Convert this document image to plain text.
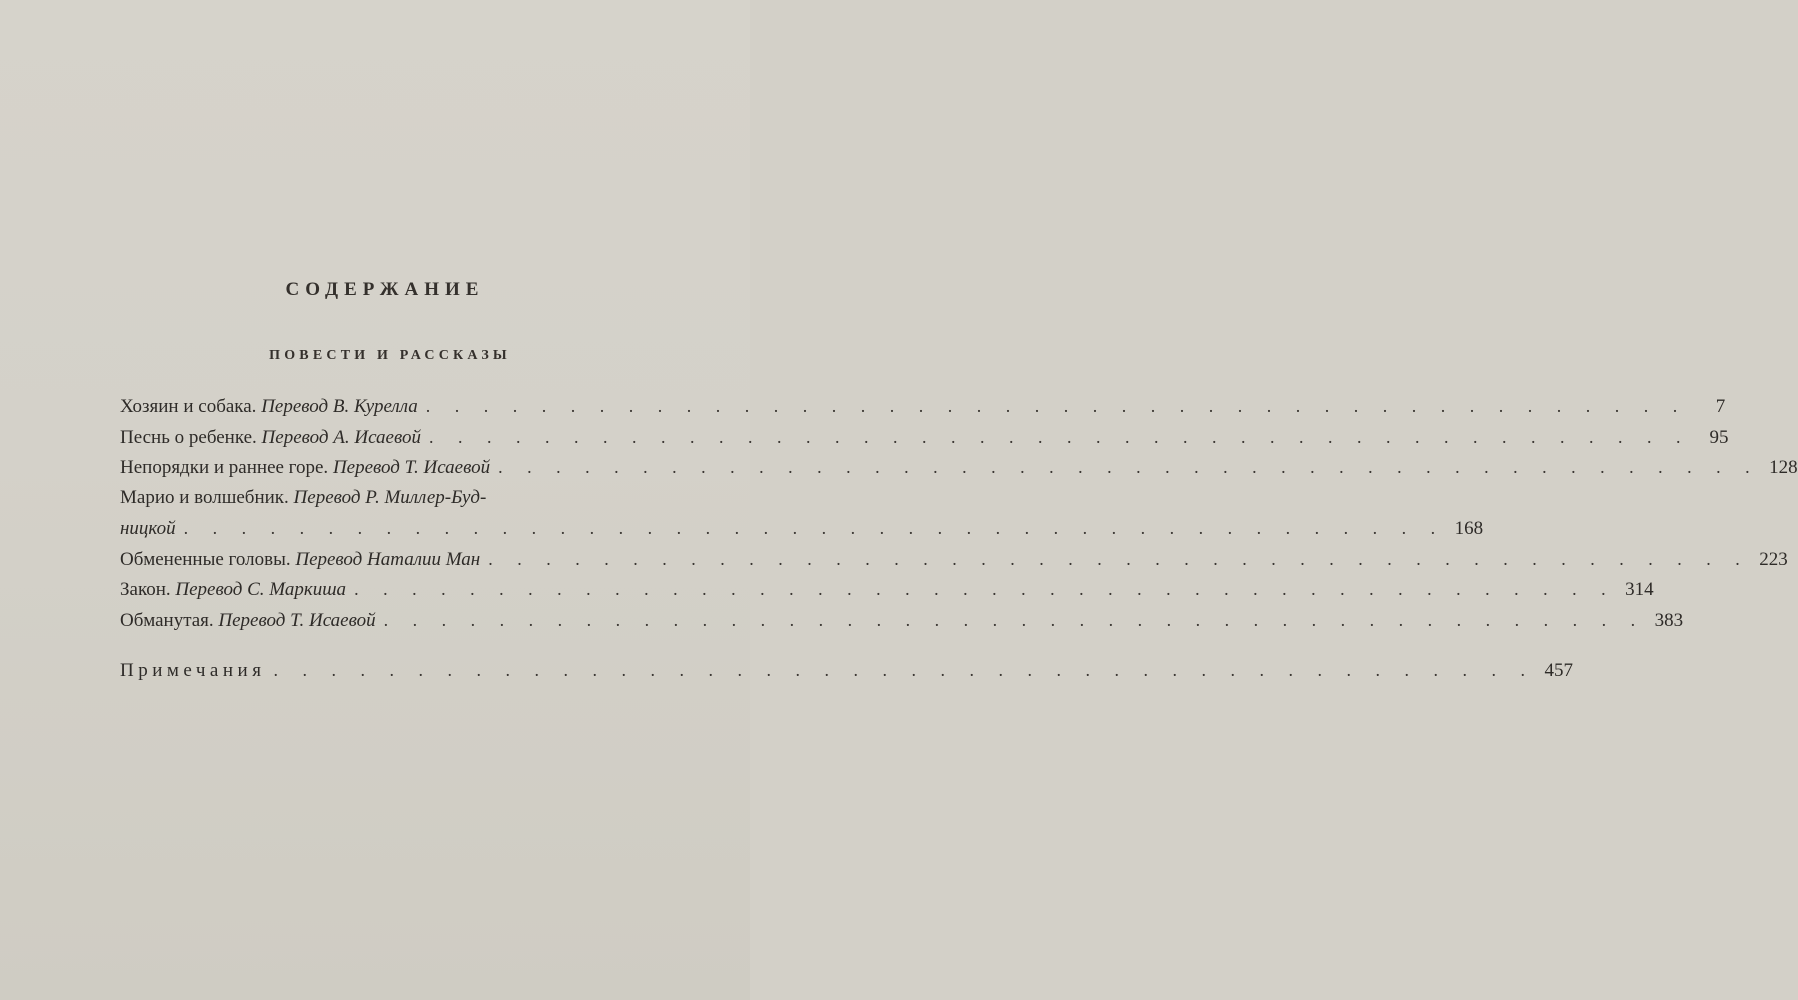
СОДЕРЖАНИЕ
ПОВЕСТИ И РАССКАЗЫ
Хозяин и собака. Перевод В. Курелла . . . . . . . . . . . . . . . . . . . . . . . . . . . . . . . . . . . . . . . . . . . .	7
Песнь о ребенке. Перевод А. Исаевой . . . . . . . . . . . . . . . . . . . . . . . . . . . . . . . . . . . . . . . . . . . .	95
Непорядки и раннее горе. Перевод Т. Исаевой . . . . . . . . . . . . . . . . . . . . . . . . . . . . . . . . . . . . . . . . . . . . 128
Марио и волшебник. Перевод Р. Миллер-Буд-
ницкой . . . . . . . . . . . . . . . . . . . . . . . . . . . . . . . . . . . . . . . . . . . . 168
Обмененные головы. Перевод Наталии Ман . . . . . . . . . . . . . . . . . . . . . . . . . . . . . . . . . . . . . . . . . . . . 223
Закон. Перевод С. Маркиша . . . . . . . . . . . . . . . . . . . . . . . . . . . . . . . . . . . . . . . . . . . . 314
Обманутая. Перевод Т. Исаевой . . . . . . . . . . . . . . . . . . . . . . . . . . . . . . . . . . . . . . . . . . . . 383
Примечания . . . . . . . . . . . . . . . . . . . . . . . . . . . . . . . . . . . . . . . . . . . . 457
